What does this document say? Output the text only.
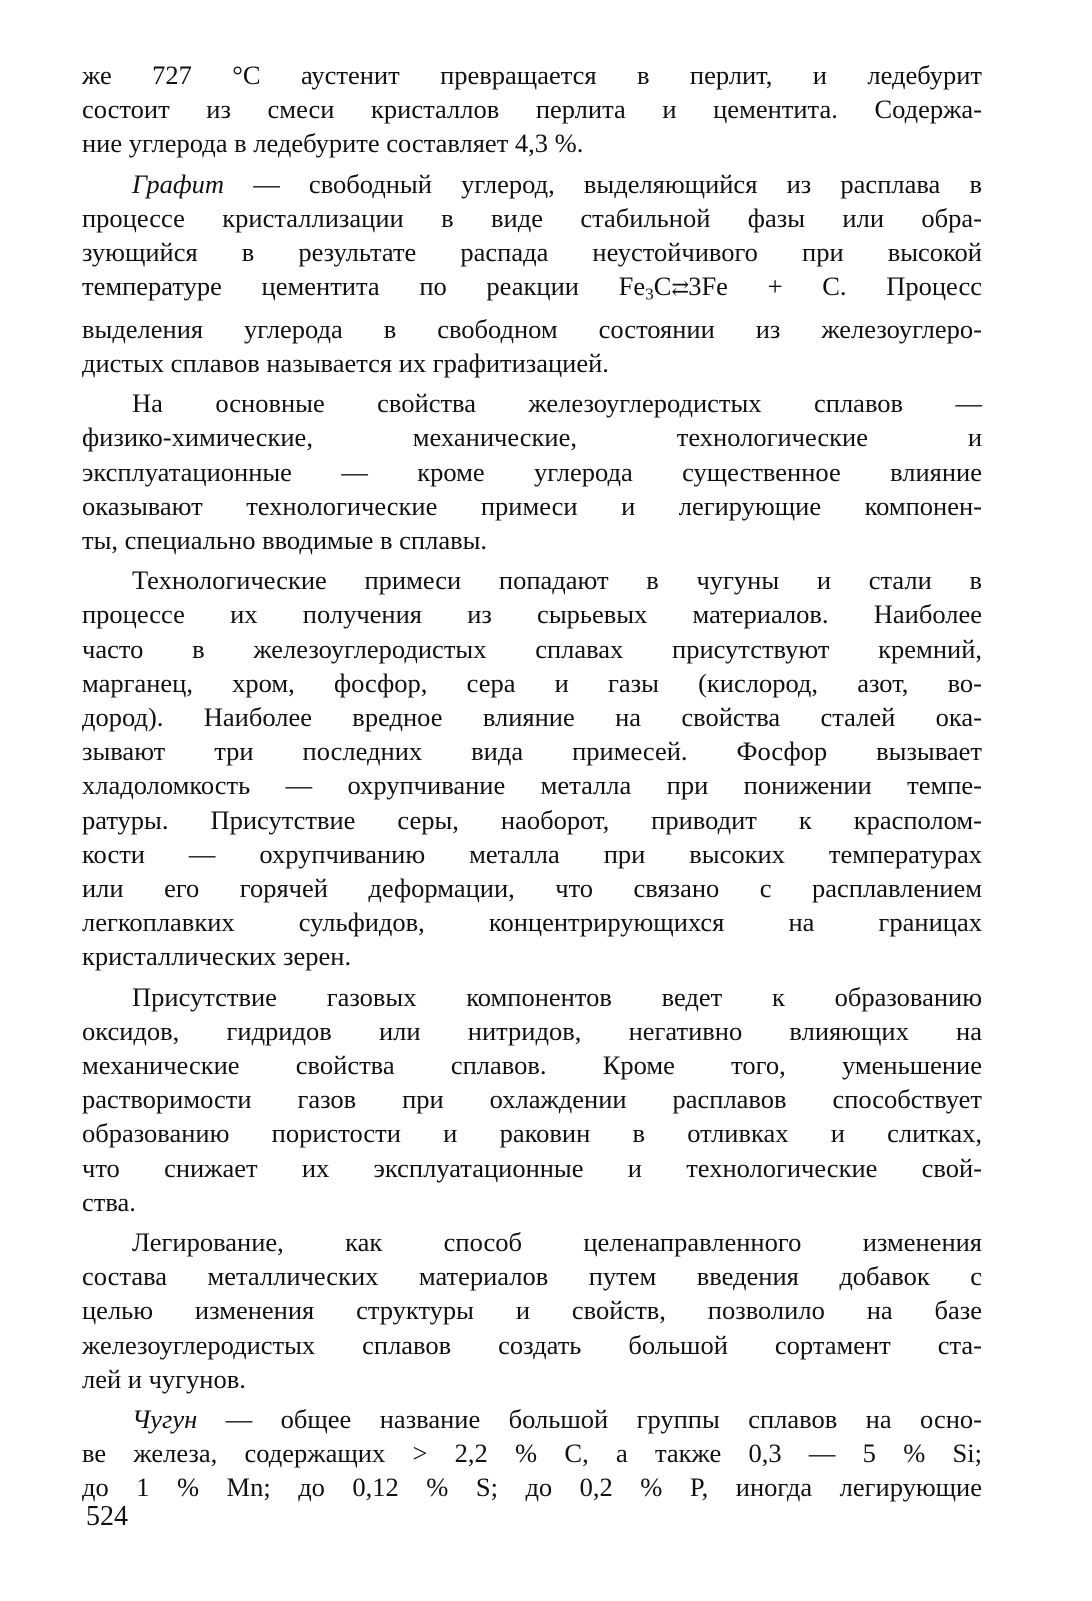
же 727 °С аустенит превращается в перлит, и ледебурит
состоит из смеси кристаллов перлита и цементита. Содержа-
ние углерода в ледебурите составляет 4,3 %.

Графит — свободный углерод, выделяющийся из расплава в
процессе кристаллизации в виде стабильной фазы или обра-
зующийся в результате распада неустойчивого при высокой
температуре цементита по реакции $Fe_3C⇄3Fe + C$. Процесс
выделения углерода в свободном состоянии из железоуглеро-
дистых сплавов называется их графитизацией.

На основные свойства железоуглеродистых сплавов —
физико-химические, механические, технологические и
эксплуатационные — кроме углерода существенное влияние
оказывают технологические примеси и легирующие компонен-
ты, специально вводимые в сплавы.

Технологические примеси попадают в чугуны и стали в
процессе их получения из сырьевых материалов. Наиболее
часто в железоуглеродистых сплавах присутствуют кремний,
марганец, хром, фосфор, сера и газы (кислород, азот, во-
дород). Наиболее вредное влияние на свойства сталей ока-
зывают три последних вида примесей. Фосфор вызывает
хладоломкость — охрупчивание металла при понижении темпе-
ратуры. Присутствие серы, наоборот, приводит к красполом-
кости — охрупчиванию металла при высоких температурах
или его горячей деформации, что связано с расплавлением
легкоплавких сульфидов, концентрирующихся на границах
кристаллических зерен.

Присутствие газовых компонентов ведет к образованию
оксидов, гидридов или нитридов, негативно влияющих на
механические свойства сплавов. Кроме того, уменьшение
растворимости газов при охлаждении расплавов способствует
образованию пористости и раковин в отливках и слитках,
что снижает их эксплуатационные и технологические свой-
ства.

Легирование, как способ целенаправленного изменения
состава металлических материалов путем введения добавок с
целью изменения структуры и свойств, позволило на базе
железоуглеродистых сплавов создать большой сортамент ста-
лей и чугунов.

Чугун — общее название большой группы сплавов на осно-
ве железа, содержащих > 2,2 % С, а также 0,3 — 5 % Si;
до 1 % Mn; до 0,12 % S; до 0,2 % P, иногда легирующие

524
